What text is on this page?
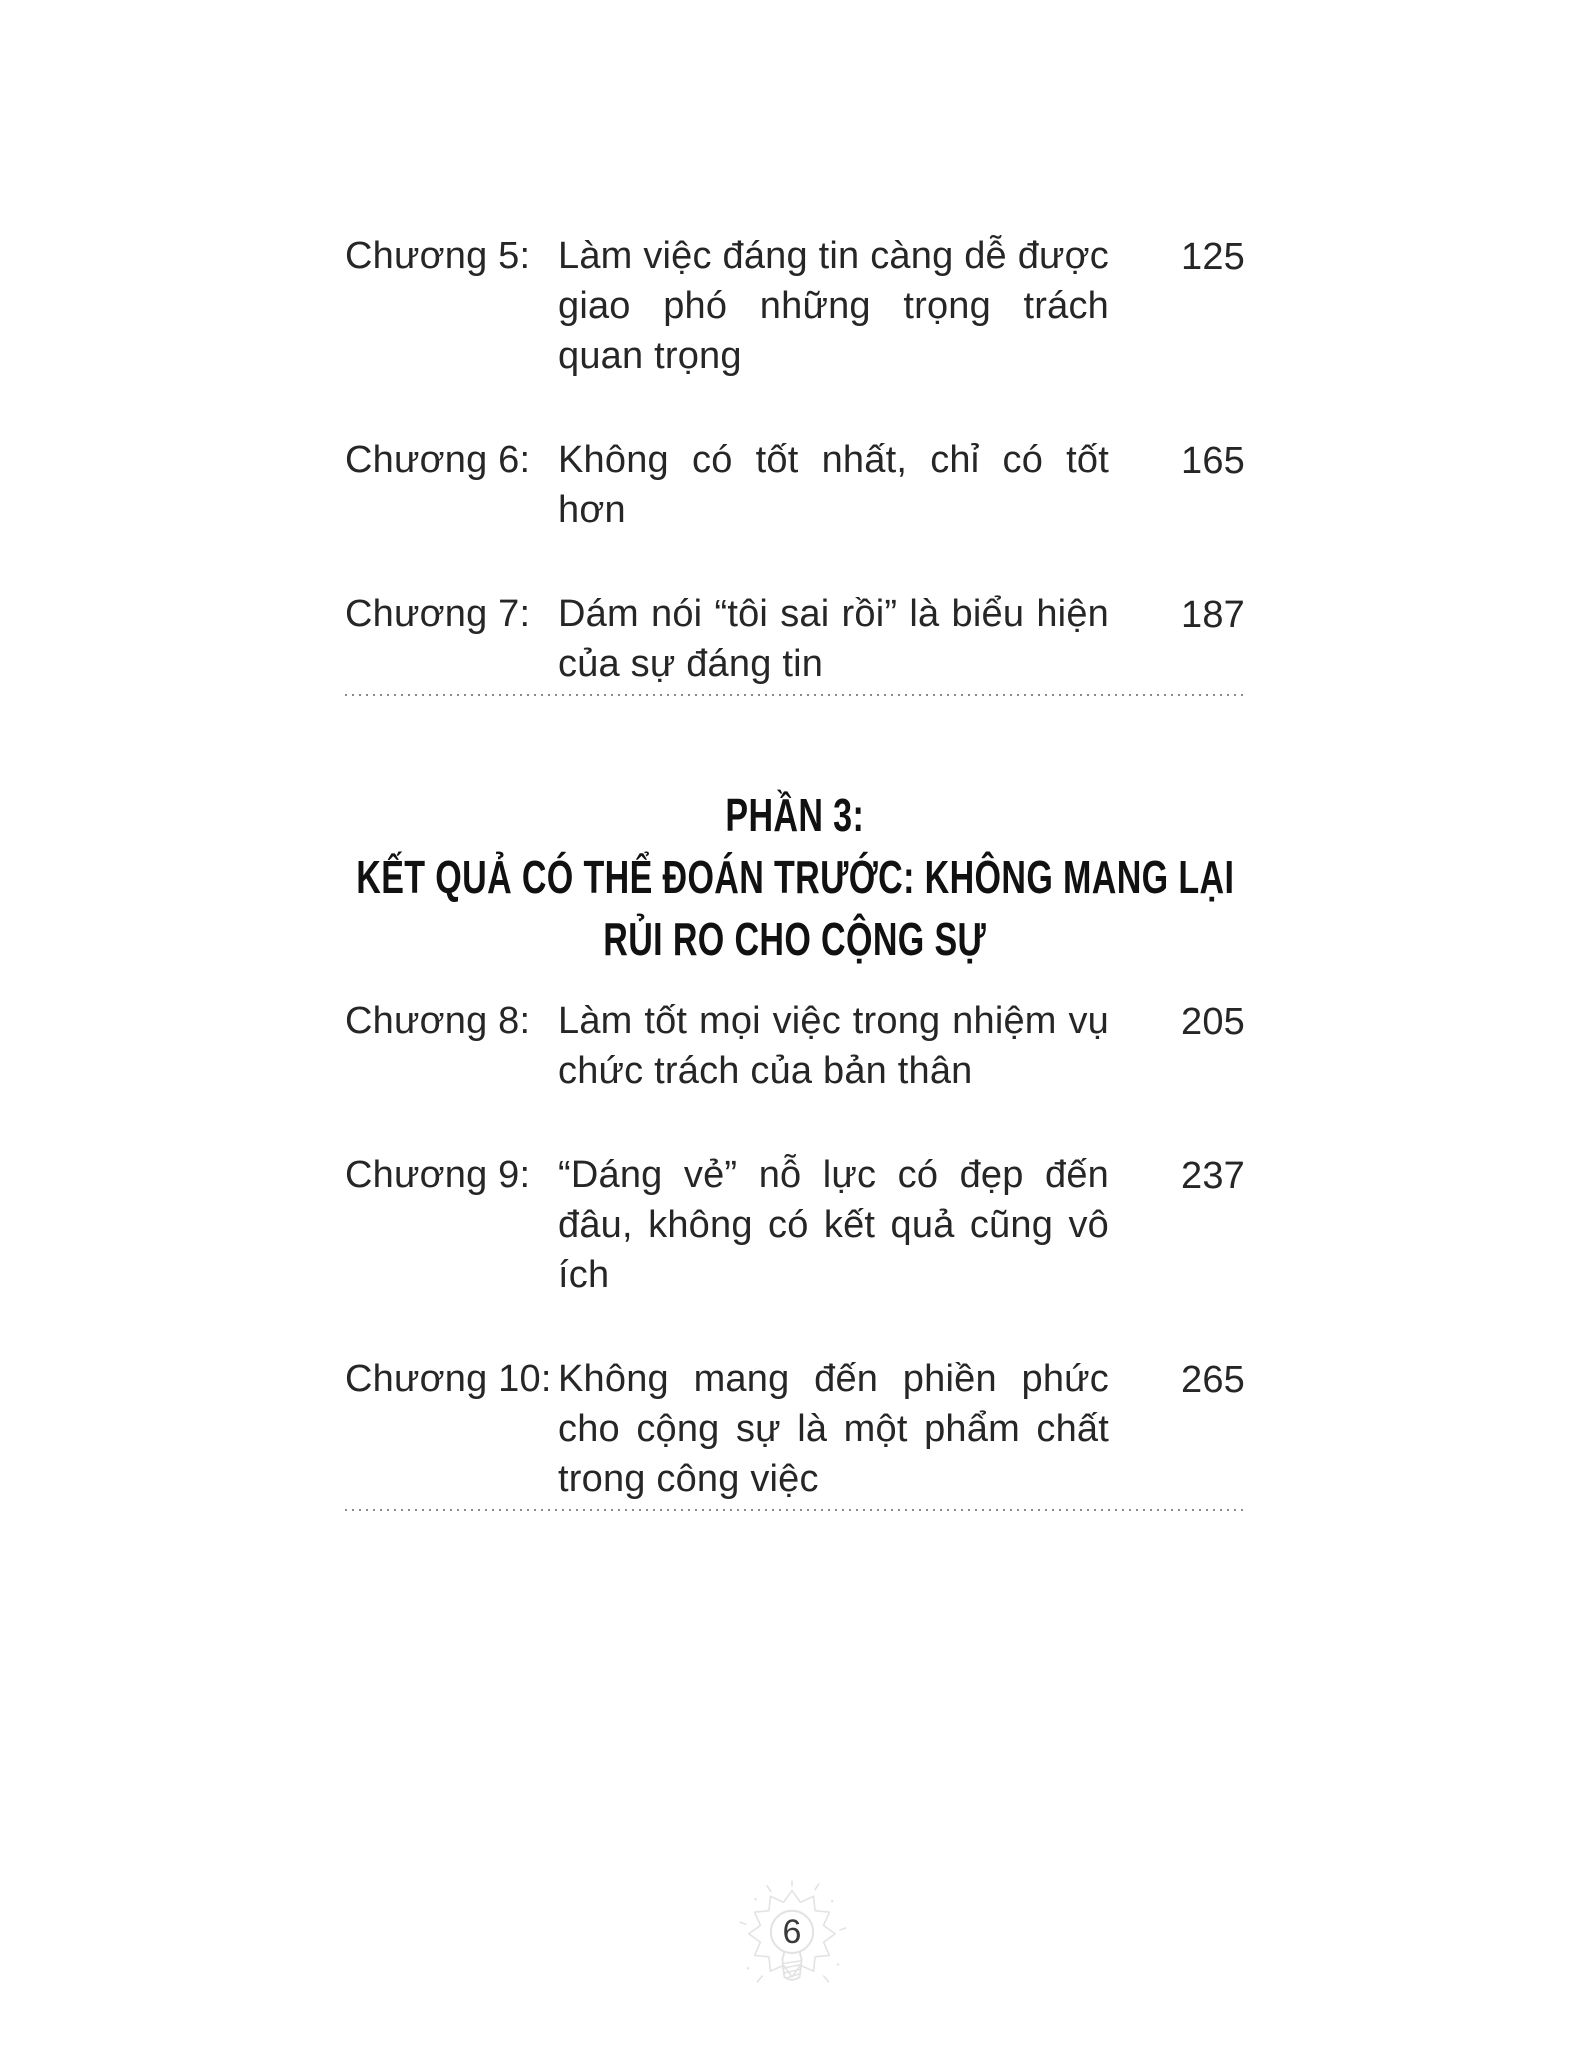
Chương 5: Làm việc đáng tin càng dễ được giao phó những trọng trách quan trọng
125
Chương 6: Không có tốt nhất, chỉ có tốt hơn
165
Chương 7: Dám nói “tôi sai rồi” là biểu hiện của sự đáng tin
187
PHẦN 3:
KẾT QUẢ CÓ THỂ ĐOÁN TRƯỚC: KHÔNG MANG LẠI
RỦI RO CHO CỘNG SỰ
Chương 8: Làm tốt mọi việc trong nhiệm vụ chức trách của bản thân
205
Chương 9: “Dáng vẻ” nỗ lực có đẹp đến đâu, không có kết quả cũng vô ích
237
Chương 10: Không mang đến phiền phức cho cộng sự là một phẩm chất trong công việc
265
6
